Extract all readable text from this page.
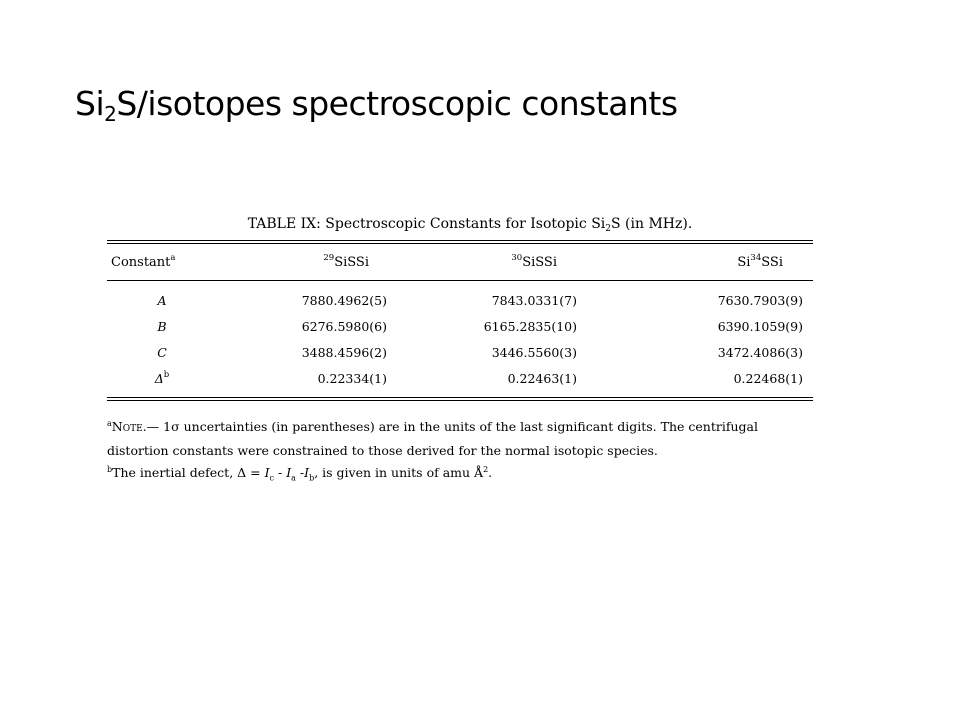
$Si_2S$/isotopes spectroscopic constants
TABLE IX: Spectroscopic Constants for Isotopic $Si_2S$ (in MHz).
Constant$^a$	$^{29}$SiSSi	$^{30}$SiSSi	Si$^{34}$SSi
A	7880.4962(5)	7843.0331(7)	7630.7903(9)
B	6276.5980(6)	6165.2835(10)	6390.1059(9)
C	3488.4596(2)	3446.5560(3)	3472.4086(3)
$\Delta^b$	0.22334(1)	0.22463(1)	0.22468(1)

$^a$Note.— 1σ uncertainties (in parentheses) are in the units of the last significant digits. The centrifugal

distortion constants were constrained to those derived for the normal isotopic species.

$^b$The inertial defect, $\Delta = I_c - I_a$ $-I_b$, is given in units of amu $Å^2$.
